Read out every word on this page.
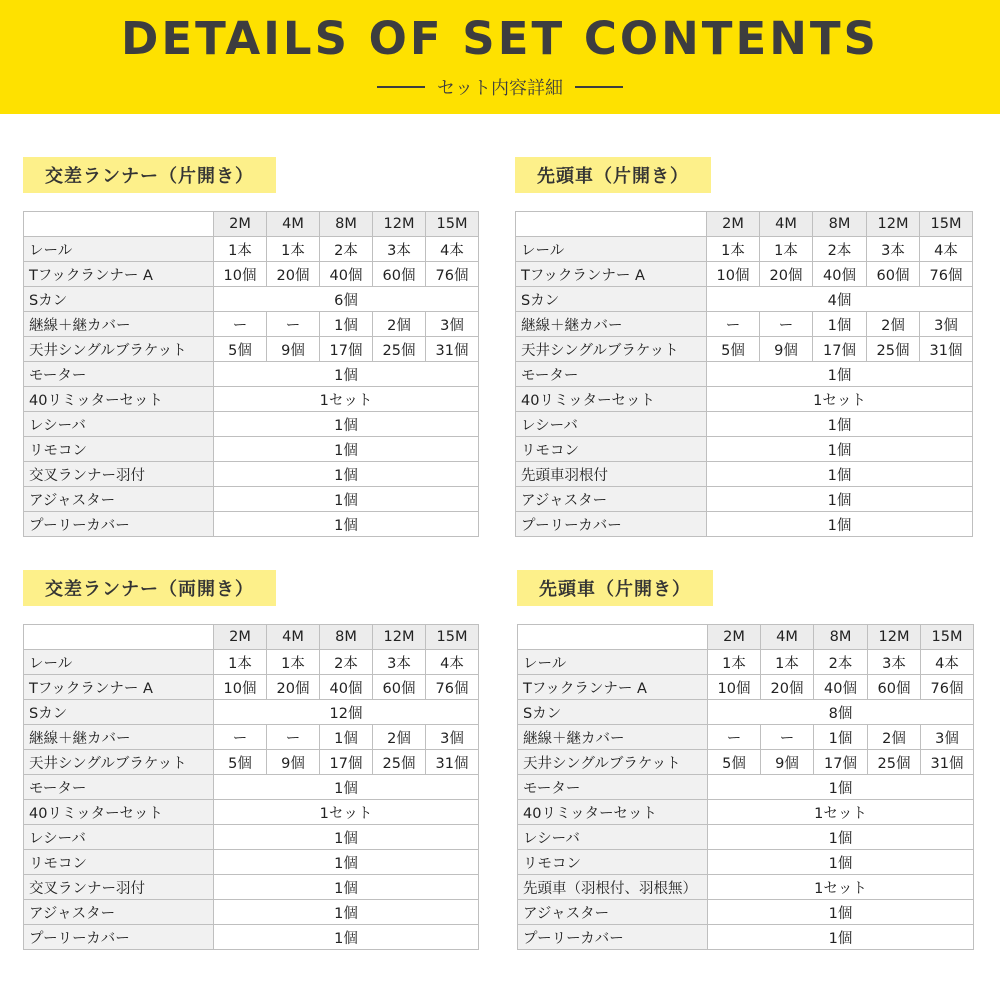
DETAILS OF SET CONTENTS
セット内容詳細
交差ランナー（片開き）
	2M	4M	8M	12M	15M
レール	1本	1本	2本	3本	4本
Tフックランナー A	10個	20個	40個	60個	76個
Sカン	6個				
継線＋継カバー	ー	ー	1個	2個	3個
天井シングルブラケット	5個	9個	17個	25個	31個
モーター	1個				
40リミッターセット	1セット				
レシーバ	1個				
リモコン	1個				
交叉ランナー羽付	1個				
アジャスター	1個				
プーリーカバー	1個				
先頭車（片開き）
	2M	4M	8M	12M	15M
レール	1本	1本	2本	3本	4本
Tフックランナー A	10個	20個	40個	60個	76個
Sカン	4個				
継線＋継カバー	ー	ー	1個	2個	3個
天井シングルブラケット	5個	9個	17個	25個	31個
モーター	1個				
40リミッターセット	1セット				
レシーバ	1個				
リモコン	1個				
先頭車羽根付	1個				
アジャスター	1個				
プーリーカバー	1個				
交差ランナー（両開き）
	2M	4M	8M	12M	15M
レール	1本	1本	2本	3本	4本
Tフックランナー A	10個	20個	40個	60個	76個
Sカン	12個				
継線＋継カバー	ー	ー	1個	2個	3個
天井シングルブラケット	5個	9個	17個	25個	31個
モーター	1個				
40リミッターセット	1セット				
レシーバ	1個				
リモコン	1個				
交叉ランナー羽付	1個				
アジャスター	1個				
プーリーカバー	1個				
先頭車（片開き）
	2M	4M	8M	12M	15M
レール	1本	1本	2本	3本	4本
Tフックランナー A	10個	20個	40個	60個	76個
Sカン	8個				
継線＋継カバー	ー	ー	1個	2個	3個
天井シングルブラケット	5個	9個	17個	25個	31個
モーター	1個				
40リミッターセット	1セット				
レシーバ	1個				
リモコン	1個				
先頭車（羽根付、羽根無）	1セット				
アジャスター	1個				
プーリーカバー	1個				
